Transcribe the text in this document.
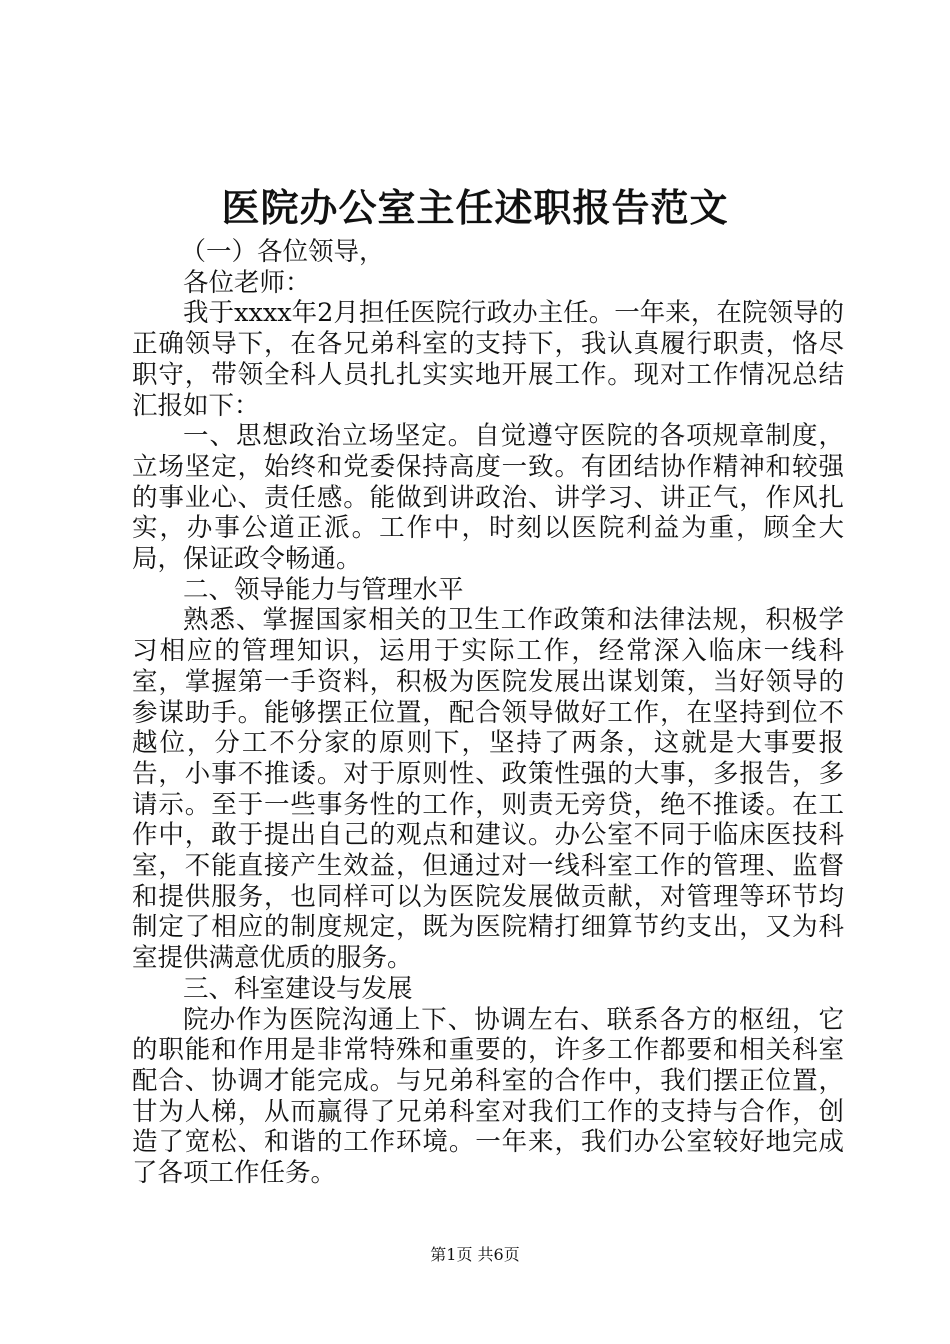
医院办公室主任述职报告范文

（一）各位领导，

各位老师：

我于xxxx年2月担任医院行政办主任。一年来，在院领导的正确领导下，在各兄弟科室的支持下，我认真履行职责，恪尽职守，带领全科人员扎扎实实地开展工作。现对工作情况总结汇报如下：

一、思想政治立场坚定。自觉遵守医院的各项规章制度，立场坚定，始终和党委保持高度一致。有团结协作精神和较强的事业心、责任感。能做到讲政治、讲学习、讲正气，作风扎实，办事公道正派。工作中，时刻以医院利益为重，顾全大局，保证政令畅通。

二、领导能力与管理水平

熟悉、掌握国家相关的卫生工作政策和法律法规，积极学习相应的管理知识，运用于实际工作，经常深入临床一线科室，掌握第一手资料，积极为医院发展出谋划策，当好领导的参谋助手。能够摆正位置，配合领导做好工作，在坚持到位不越位，分工不分家的原则下，坚持了两条，这就是大事要报告，小事不推诿。对于原则性、政策性强的大事，多报告，多请示。至于一些事务性的工作，则责无旁贷，绝不推诿。在工作中，敢于提出自己的观点和建议。办公室不同于临床医技科室，不能直接产生效益，但通过对一线科室工作的管理、监督和提供服务，也同样可以为医院发展做贡献，对管理等环节均制定了相应的制度规定，既为医院精打细算节约支出，又为科室提供满意优质的服务。

三、科室建设与发展

院办作为医院沟通上下、协调左右、联系各方的枢纽，它的职能和作用是非常特殊和重要的，许多工作都要和相关科室配合、协调才能完成。与兄弟科室的合作中，我们摆正位置，甘为人梯，从而赢得了兄弟科室对我们工作的支持与合作，创造了宽松、和谐的工作环境。一年来，我们办公室较好地完成了各项工作任务。

第1页 共6页
